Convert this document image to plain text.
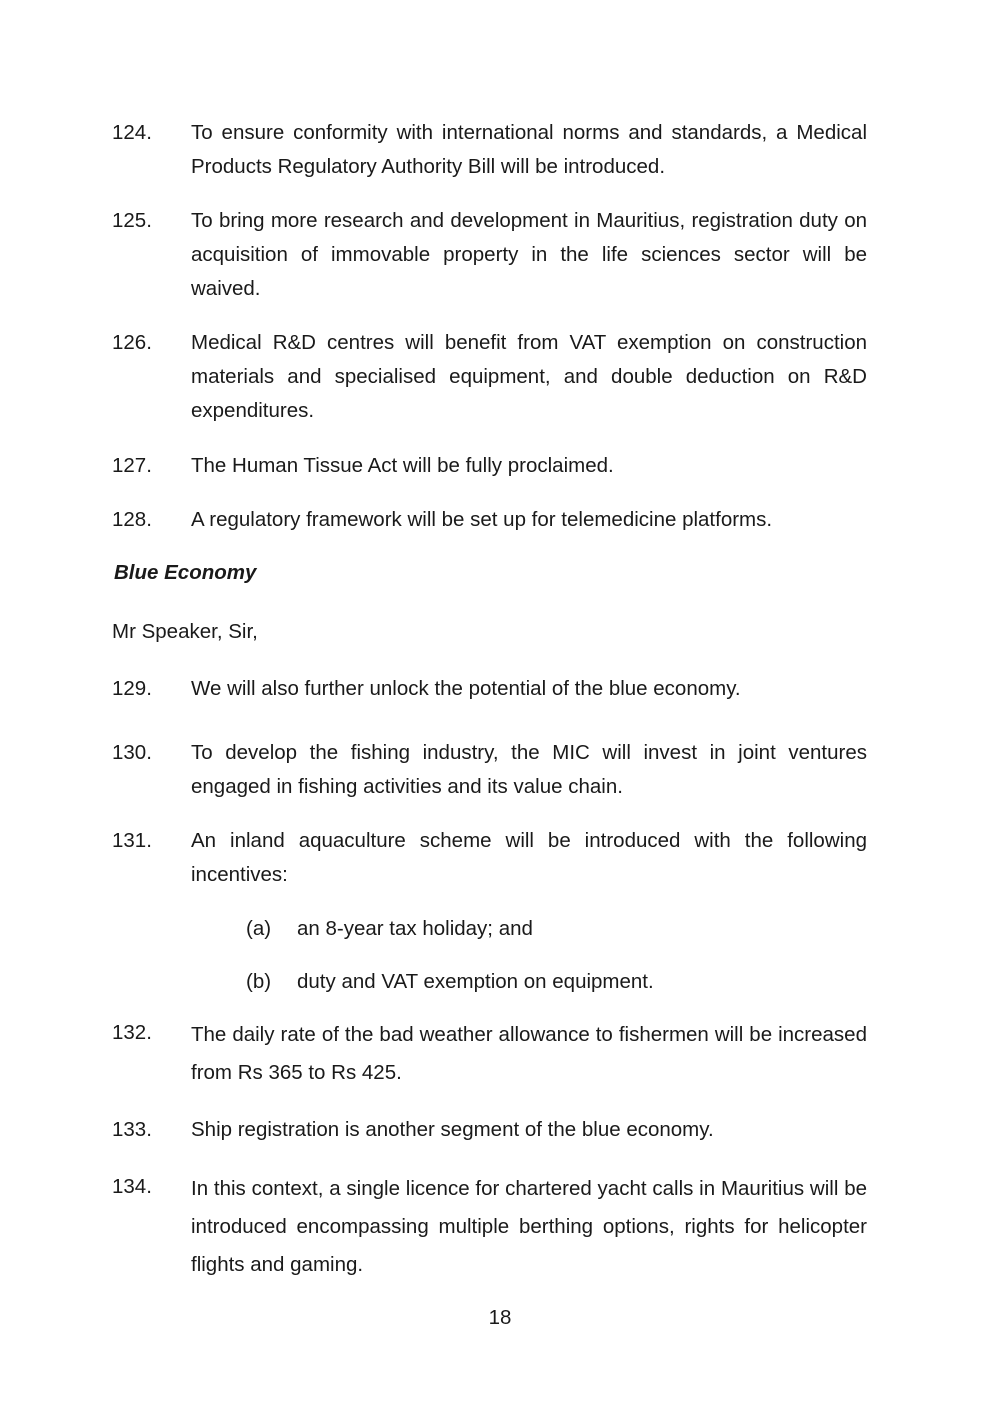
124.	To ensure conformity with international norms and standards, a Medical Products Regulatory Authority Bill will be introduced.
125.	To bring more research and development in Mauritius, registration duty on acquisition of immovable property in the life sciences sector will be waived.
126.	Medical R&D centres will benefit from VAT exemption on construction materials and specialised equipment, and double deduction on R&D expenditures.
127.	The Human Tissue Act will be fully proclaimed.
128.	A regulatory framework will be set up for telemedicine platforms.
Blue Economy
Mr Speaker, Sir,
129.	We will also further unlock the potential of the blue economy.
130.	To develop the fishing industry, the MIC will invest in joint ventures engaged in fishing activities and its value chain.
131.	An inland aquaculture scheme will be introduced with the following incentives:
(a) an 8-year tax holiday; and
(b) duty and VAT exemption on equipment.
132.	The daily rate of the bad weather allowance to fishermen will be increased from Rs 365 to Rs 425.
133.	Ship registration is another segment of the blue economy.
134.	In this context, a single licence for chartered yacht calls in Mauritius will be introduced encompassing multiple berthing options, rights for helicopter flights and gaming.
18
